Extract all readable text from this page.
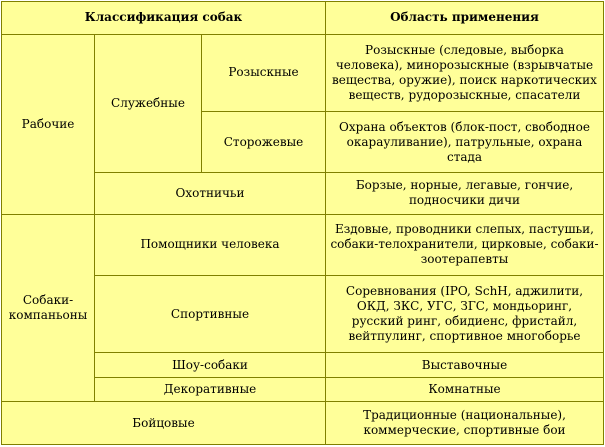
Классификация собак			Область применения
Рабочие	Служебные	Розыскные	Розыскные (следовые, выборка человека), минорозыскные (взрывчатые вещества, оружие), поиск наркотических веществ, рудорозыскные, спасатели
		Сторожевые	Охрана объектов (блок-пост, свободное окарауливание), патрульные, охрана стада
	Охотничьи		Борзые, норные, легавые, гончие, подносчики дичи
Собаки-компаньоны	Помощники человека		Ездовые, проводники слепых, пастушьи, собаки-телохранители, цирковые, собаки-зоотерапевты
	Спортивные		Соревнования (IPO, SchH, аджилити, ОКД, ЗКС, УГС, ЗГС, мондьоринг, русский ринг, обидиенс, фристайл, вейтпулинг, спортивное многоборье
	Шоу-собаки		Выставочные
	Декоративные		Комнатные
Бойцовые			Традиционные (национальные), коммерческие, спортивные бои
